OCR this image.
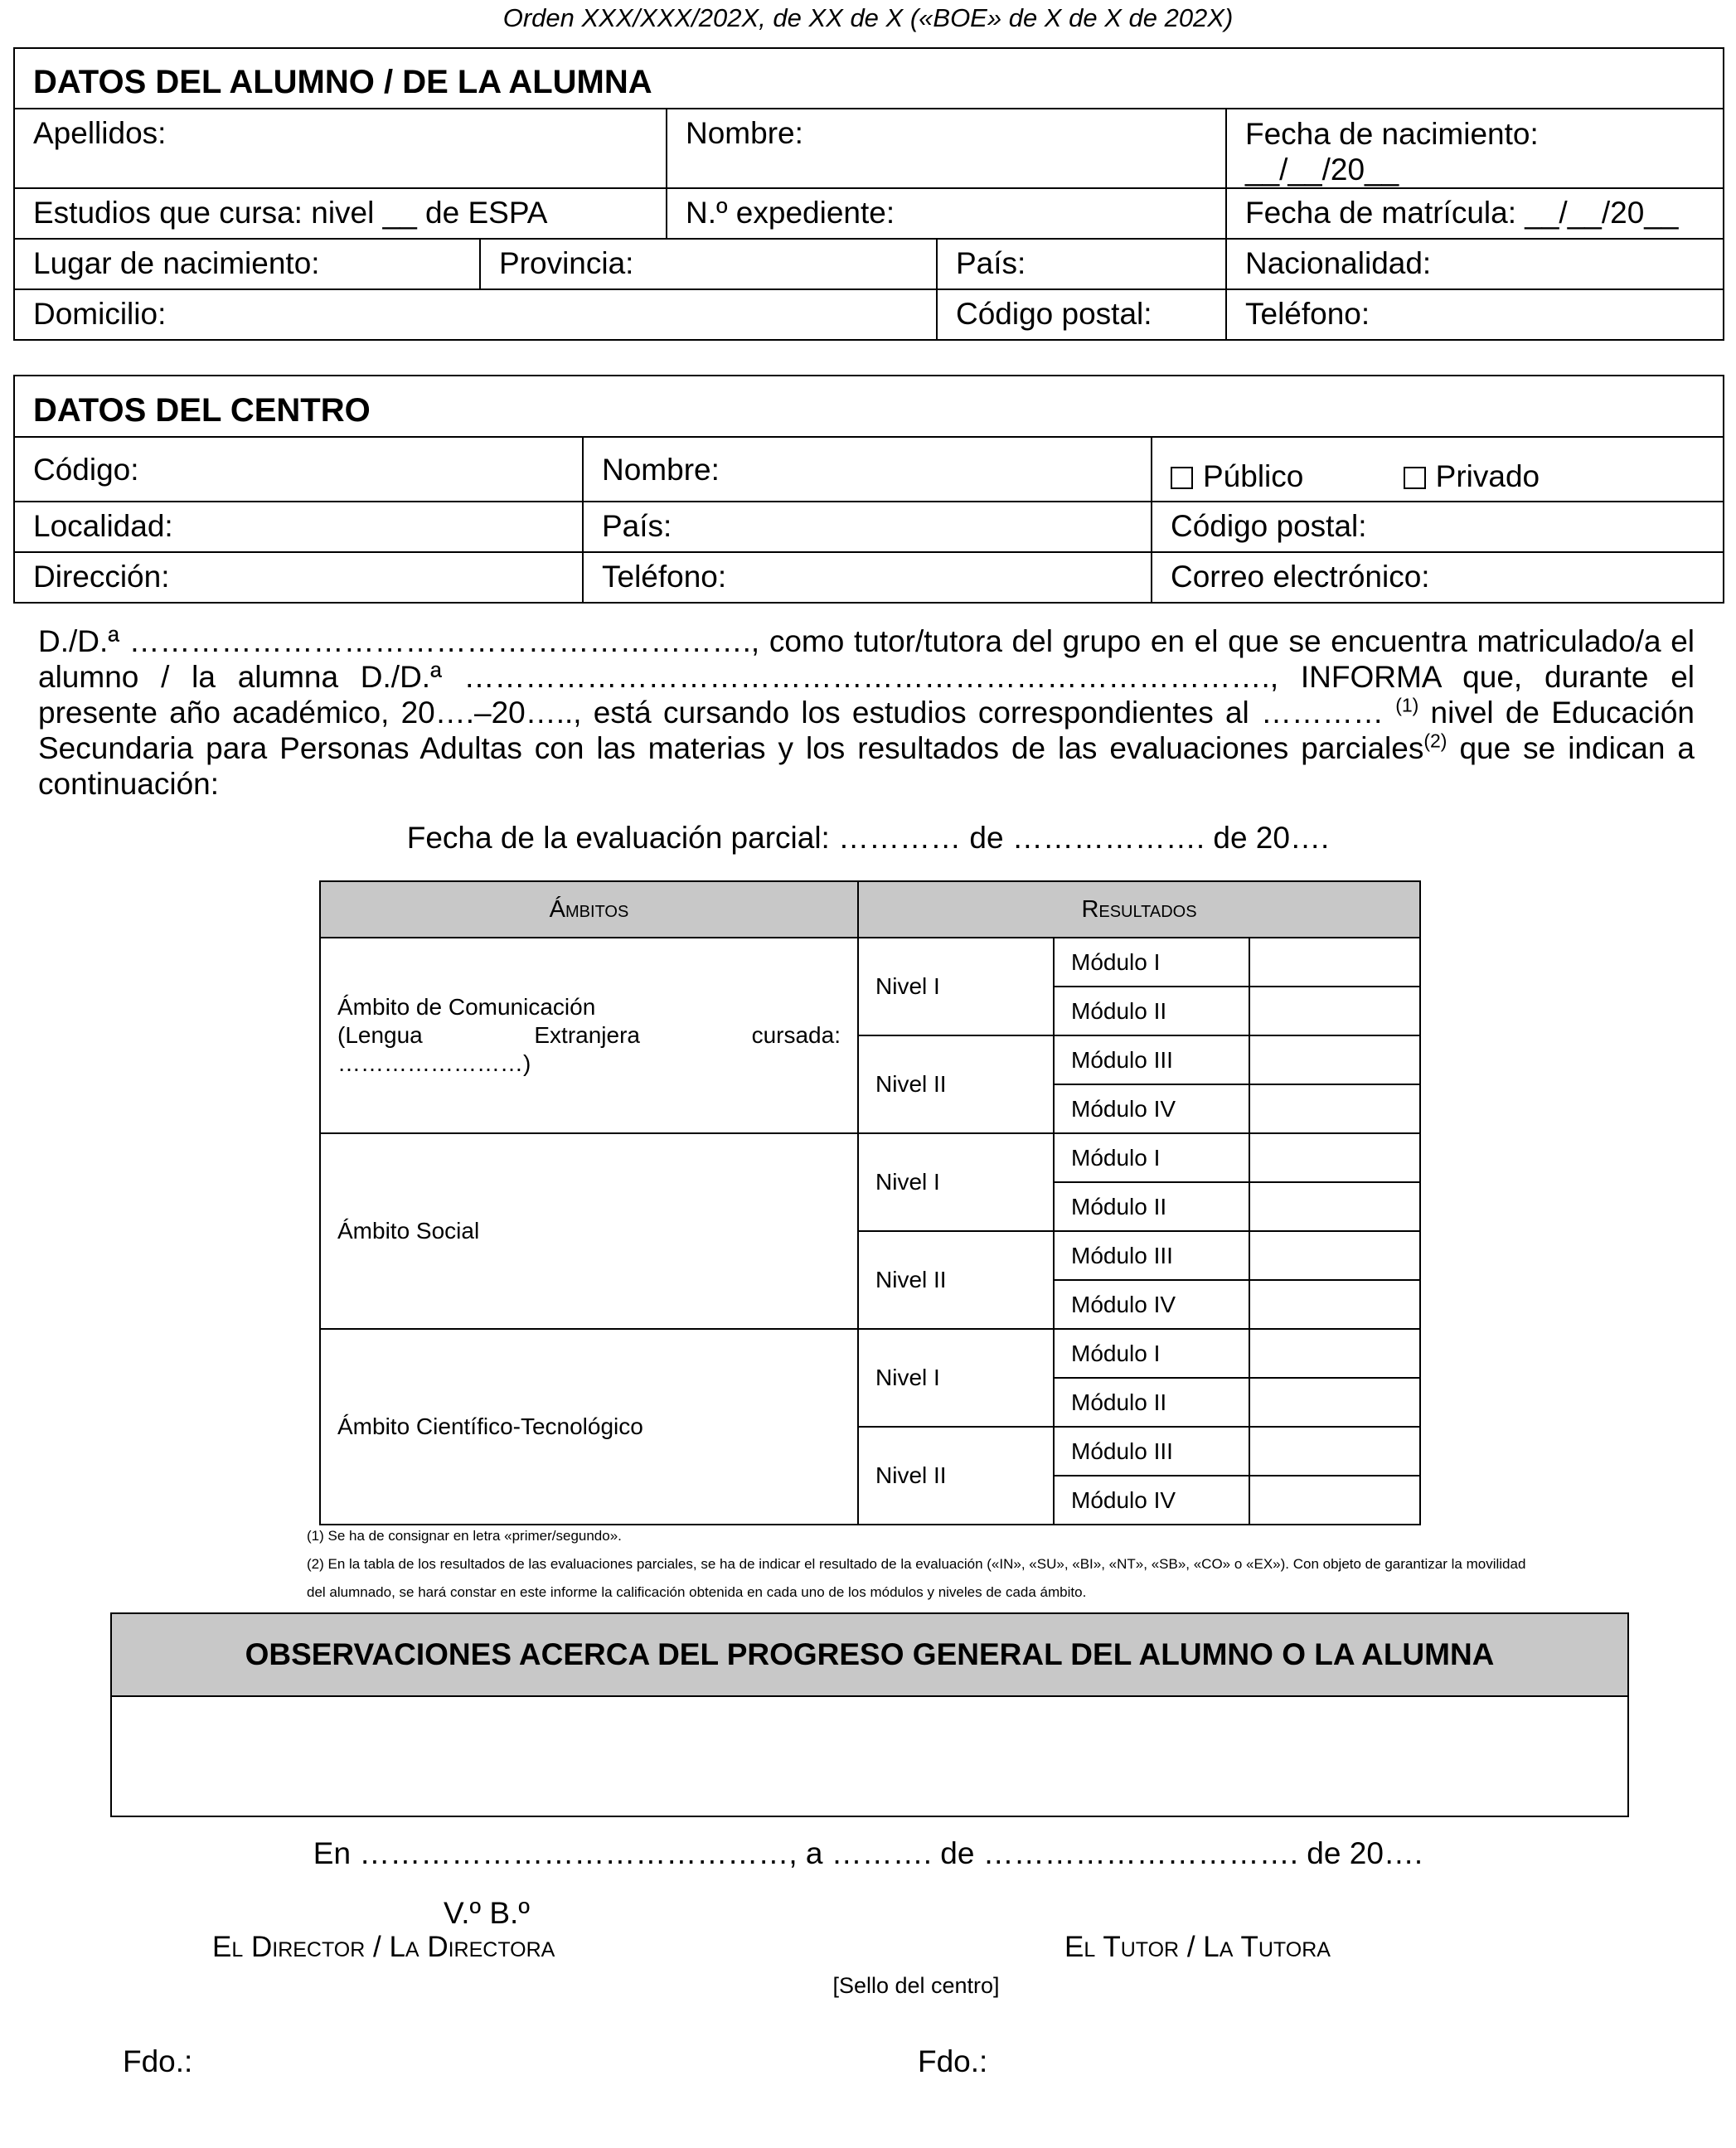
Orden XXX/XXX/202X, de XX de X («BOE» de X de X de 202X)
DATOS DEL ALUMNO / DE LA ALUMNA				
Apellidos:		Nombre:		Fecha de nacimiento:
__/__/20__

Estudios que cursa: nivel __ de ESPA		N.º expediente:		Fecha de matrícula: __/__/20__
Lugar de nacimiento:	Provincia:		País:	Nacionalidad:
Domicilio:			Código postal:	Teléfono:
DATOS DEL CENTRO		
Código:	Nombre:	Público Privado
Localidad:	País:	Código postal:
Dirección:	Teléfono:	Correo electrónico:
D./D.ª ……………………………………………………., como tutor/tutora del grupo en el que se encuentra matriculado/a el alumno / la alumna D./D.ª ……………………………………………………………………., INFORMA que, durante el presente año académico, 20….–20….., está cursando los estudios correspondientes al ………… $^{(1)}$ nivel de Educación Secundaria para Personas Adultas con las materias y los resultados de las evaluaciones parciales$^{(2)}$ que se indican a continuación:
Fecha de la evaluación parcial: ………… de ………………. de 20….
Ámbitos	Resultados		

Ámbito de Comunicación
(Lengua Extranjera cursada:
……………………)	Nivel I	Módulo I	
		Módulo II	
	Nivel II	Módulo III	
		Módulo IV	
Ámbito Social	Nivel I	Módulo I	
		Módulo II	
	Nivel II	Módulo III	
		Módulo IV	
Ámbito Científico-Tecnológico	Nivel I	Módulo I	
		Módulo II	
	Nivel II	Módulo III	
		Módulo IV	
(1) Se ha de consignar en letra «primer/segundo».
(2) En la tabla de los resultados de las evaluaciones parciales, se ha de indicar el resultado de la evaluación («IN», «SU», «BI», «NT», «SB», «CO» o «EX»). Con objeto de garantizar la movilidad
del alumnado, se hará constar en este informe la calificación obtenida en cada uno de los módulos y niveles de cada ámbito.
OBSERVACIONES ACERCA DEL PROGRESO GENERAL DEL ALUMNO O LA ALUMNA

En ……………………………………, a ………. de …………………………. de 20….
V.º B.º
El Director / La Directora	El Tutor / La Tutora
[Sello del centro]
Fdo.:	Fdo.:
